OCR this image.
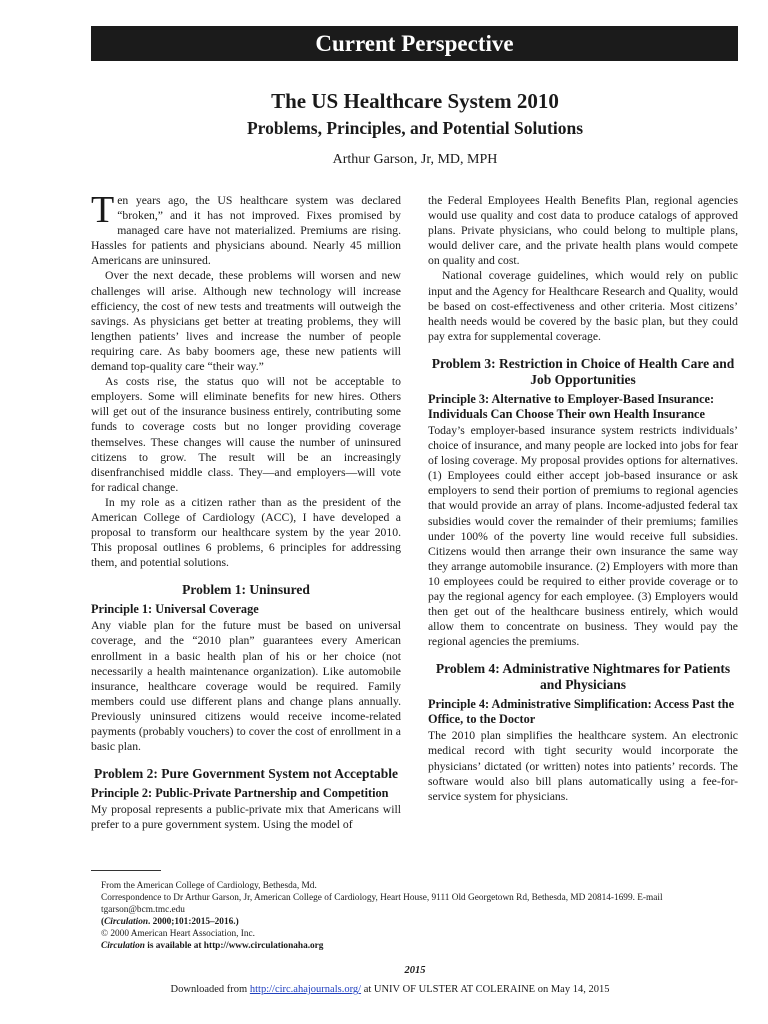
Current Perspective
The US Healthcare System 2010
Problems, Principles, and Potential Solutions
Arthur Garson, Jr, MD, MPH

Ten years ago, the US healthcare system was declared “broken,” and it has not improved. Fixes promised by managed care have not materialized. Premiums are rising. Hassles for patients and physicians abound. Nearly 45 million Americans are uninsured.

Over the next decade, these problems will worsen and new challenges will arise. Although new technology will increase efficiency, the cost of new tests and treatments will outweigh the savings. As physicians get better at treating problems, they will lengthen patients’ lives and increase the number of people requiring care. As baby boomers age, these new patients will demand top-quality care “their way.”

As costs rise, the status quo will not be acceptable to employers. Some will eliminate benefits for new hires. Others will get out of the insurance business entirely, contributing some funds to coverage costs but no longer providing coverage themselves. These changes will cause the number of uninsured citizens to grow. The result will be an increasingly disenfranchised middle class. They—and employers—will vote for radical change.

In my role as a citizen rather than as the president of the American College of Cardiology (ACC), I have developed a proposal to transform our healthcare system by the year 2010. This proposal outlines 6 problems, 6 principles for addressing them, and potential solutions.

Problem 1: Uninsured
Principle 1: Universal Coverage

Any viable plan for the future must be based on universal coverage, and the “2010 plan” guarantees every American enrollment in a basic health plan of his or her choice (not necessarily a health maintenance organization). Like automobile insurance, healthcare coverage would be required. Family members could use different plans and change plans annually. Previously uninsured citizens would receive income-related payments (probably vouchers) to cover the cost of enrollment in a basic plan.

Problem 2: Pure Government System not Acceptable
Principle 2: Public-Private Partnership and Competition

My proposal represents a public-private mix that Americans will prefer to a pure government system. Using the model of

the Federal Employees Health Benefits Plan, regional agencies would use quality and cost data to produce catalogs of approved plans. Private physicians, who could belong to multiple plans, would deliver care, and the private health plans would compete on quality and cost.

National coverage guidelines, which would rely on public input and the Agency for Healthcare Research and Quality, would be based on cost-effectiveness and other criteria. Most citizens’ health needs would be covered by the basic plan, but they could pay extra for supplemental coverage.

Problem 3: Restriction in Choice of Health Care and Job Opportunities
Principle 3: Alternative to Employer-Based Insurance: Individuals Can Choose Their own Health Insurance

Today’s employer-based insurance system restricts individuals’ choice of insurance, and many people are locked into jobs for fear of losing coverage. My proposal provides options for alternatives. (1) Employees could either accept job-based insurance or ask employers to send their portion of premiums to regional agencies that would provide an array of plans. Income-adjusted federal tax subsidies would cover the remainder of their premiums; families under 100% of the poverty line would receive full subsidies. Citizens would then arrange their own insurance the same way they arrange automobile insurance. (2) Employers with more than 10 employees could be required to either provide coverage or to pay the regional agency for each employee. (3) Employers would then get out of the healthcare business entirely, which would allow them to concentrate on business. They would pay the regional agencies the premiums.

Problem 4: Administrative Nightmares for Patients and Physicians
Principle 4: Administrative Simplification: Access Past the Office, to the Doctor

The 2010 plan simplifies the healthcare system. An electronic medical record with tight security would incorporate the physicians’ dictated (or written) notes into patients’ records. The software would also bill plans automatically using a fee-for-service system for physicians.

From the American College of Cardiology, Bethesda, Md.
Correspondence to Dr Arthur Garson, Jr, American College of Cardiology, Heart House, 9111 Old Georgetown Rd, Bethesda, MD 20814-1699. E-mail tgarson@bcm.tmc.edu
(Circulation. 2000;101:2015–2016.)
© 2000 American Heart Association, Inc.
Circulation is available at http://www.circulationaha.org
2015
Downloaded from http://circ.ahajournals.org/ at UNIV OF ULSTER AT COLERAINE on May 14, 2015
